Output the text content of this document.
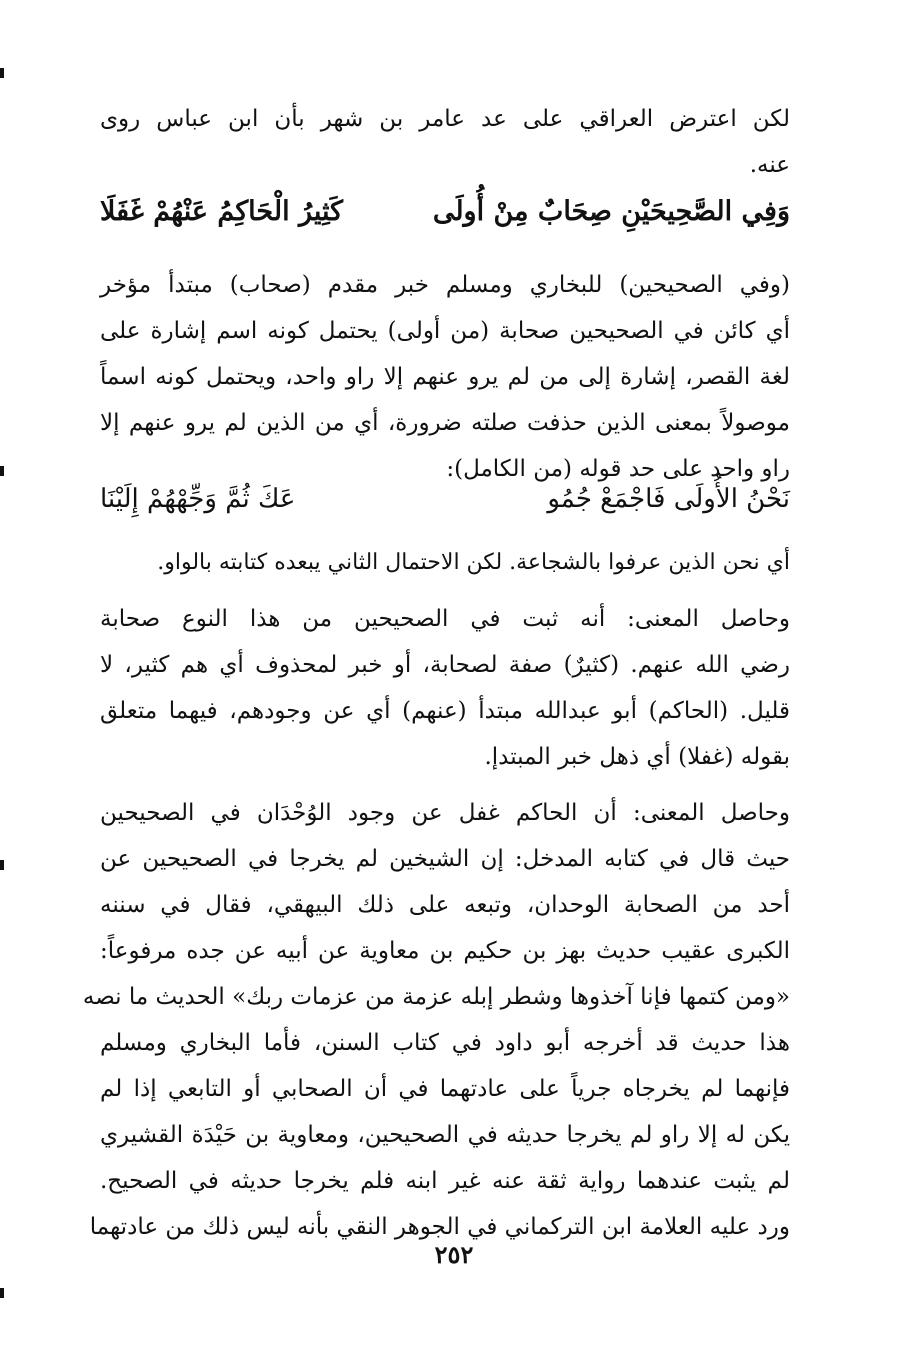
لكن اعترض العراقي على عد عامر بن شهر بأن ابن عباس روى
عنه.
وَفِي الصَّحِيحَيْنِ صِحَابٌ مِنْ أُولَى
كَثِيرُ الْحَاكِمُ عَنْهُمْ غَفَلَا
(وفي الصحيحين) للبخاري ومسلم خبر مقدم (صحاب) مبتدأ مؤخر
أي كائن في الصحيحين صحابة (من أولى) يحتمل كونه اسم إشارة على
لغة القصر، إشارة إلى من لم يرو عنهم إلا راو واحد، ويحتمل كونه اسماً
موصولاً بمعنى الذين حذفت صلته ضرورة، أي من الذين لم يرو عنهم إلا
راو واحد على حد قوله (من الكامل):
نَحْنُ الأُولَى فَاجْمَعْ جُمُو
عَكَ ثُمَّ وَجِّهْهُمْ إِلَيْنَا
أي نحن الذين عرفوا بالشجاعة. لكن الاحتمال الثاني يبعده كتابته بالواو.
وحاصل المعنى: أنه ثبت في الصحيحين من هذا النوع صحابة
رضي الله عنهم. (كثيرٌ) صفة لصحابة، أو خبر لمحذوف أي هم كثير، لا
قليل. (الحاكم) أبو عبدالله مبتدأ (عنهم) أي عن وجودهم، فيهما متعلق
بقوله (غفلا) أي ذهل خبر المبتدإ.
وحاصل المعنى: أن الحاكم غفل عن وجود الوُحْدَان في الصحيحين
حيث قال في كتابه المدخل: إن الشيخين لم يخرجا في الصحيحين عن
أحد من الصحابة الوحدان، وتبعه على ذلك البيهقي، فقال في سننه
الكبرى عقيب حديث بهز بن حكيم بن معاوية عن أبيه عن جده مرفوعاً:
«ومن كتمها فإنا آخذوها وشطر إبله عزمة من عزمات ربك» الحديث ما نصه
هذا حديث قد أخرجه أبو داود في كتاب السنن، فأما البخاري ومسلم
فإنهما لم يخرجاه جرياً على عادتهما في أن الصحابي أو التابعي إذا لم
يكن له إلا راو لم يخرجا حديثه في الصحيحين، ومعاوية بن حَيْدَة القشيري
لم يثبت عندهما رواية ثقة عنه غير ابنه فلم يخرجا حديثه في الصحيح.
ورد عليه العلامة ابن التركماني في الجوهر النقي بأنه ليس ذلك من عادتهما
٢٥٢
